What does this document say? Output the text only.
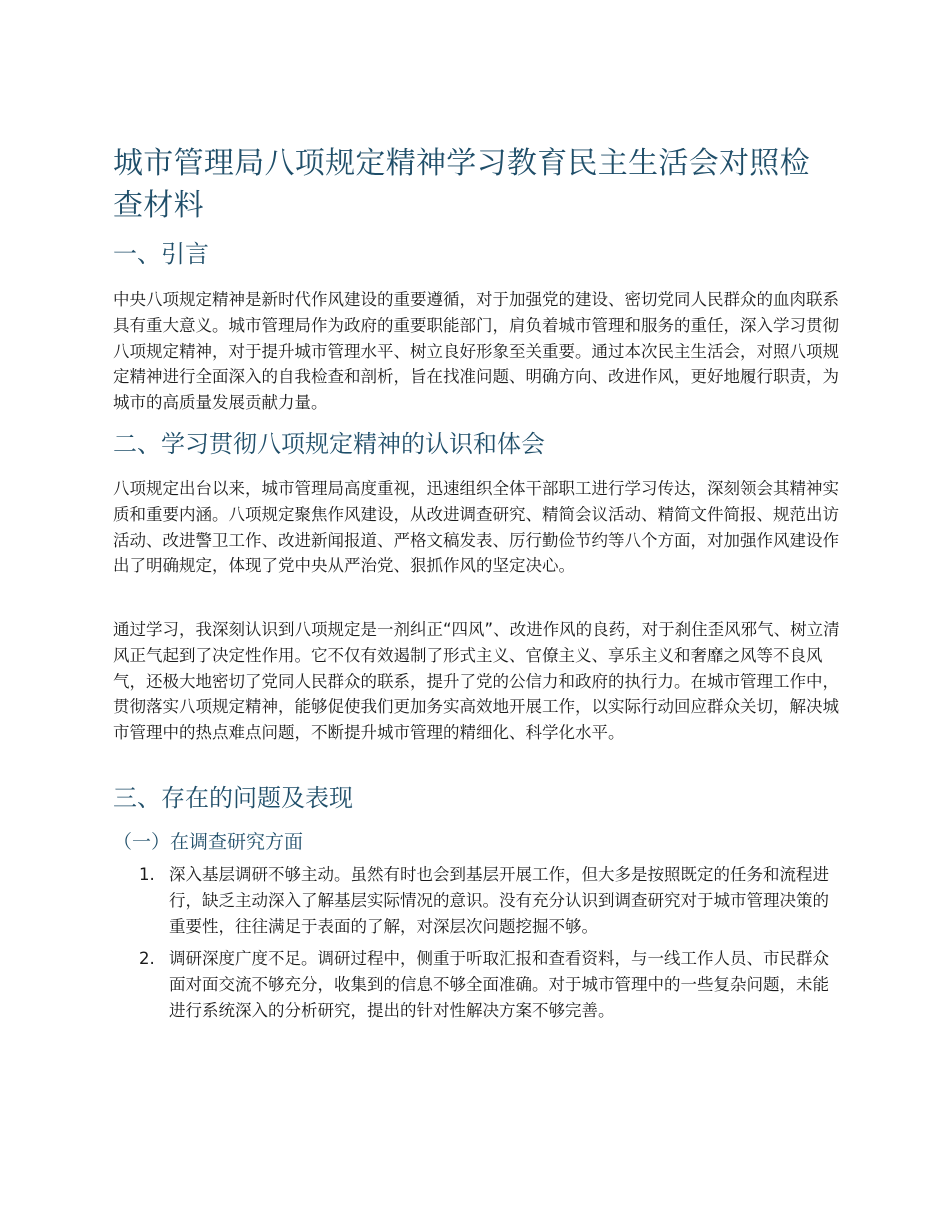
城市管理局八项规定精神学习教育民主生活会对照检查材料
一、引言

中央八项规定精神是新时代作风建设的重要遵循，对于加强党的建设、密切党同人民群众的血肉联系具有重大意义。城市管理局作为政府的重要职能部门，肩负着城市管理和服务的重任，深入学习贯彻八项规定精神，对于提升城市管理水平、树立良好形象至关重要。通过本次民主生活会，对照八项规定精神进行全面深入的自我检查和剖析，旨在找准问题、明确方向、改进作风，更好地履行职责，为城市的高质量发展贡献力量。

二、学习贯彻八项规定精神的认识和体会

八项规定出台以来，城市管理局高度重视，迅速组织全体干部职工进行学习传达，深刻领会其精神实质和重要内涵。八项规定聚焦作风建设，从改进调查研究、精简会议活动、精简文件简报、规范出访活动、改进警卫工作、改进新闻报道、严格文稿发表、厉行勤俭节约等八个方面，对加强作风建设作出了明确规定，体现了党中央从严治党、狠抓作风的坚定决心。

通过学习，我深刻认识到八项规定是一剂纠正“四风”、改进作风的良药，对于刹住歪风邪气、树立清风正气起到了决定性作用。它不仅有效遏制了形式主义、官僚主义、享乐主义和奢靡之风等不良风气，还极大地密切了党同人民群众的联系，提升了党的公信力和政府的执行力。在城市管理工作中，贯彻落实八项规定精神，能够促使我们更加务实高效地开展工作，以实际行动回应群众关切，解决城市管理中的热点难点问题，不断提升城市管理的精细化、科学化水平。

三、存在的问题及表现
（一）在调查研究方面
1. 深入基层调研不够主动。虽然有时也会到基层开展工作，但大多是按照既定的任务和流程进行，缺乏主动深入了解基层实际情况的意识。没有充分认识到调查研究对于城市管理决策的重要性，往往满足于表面的了解，对深层次问题挖掘不够。
2. 调研深度广度不足。调研过程中，侧重于听取汇报和查看资料，与一线工作人员、市民群众面对面交流不够充分，收集到的信息不够全面准确。对于城市管理中的一些复杂问题，未能进行系统深入的分析研究，提出的针对性解决方案不够完善。
